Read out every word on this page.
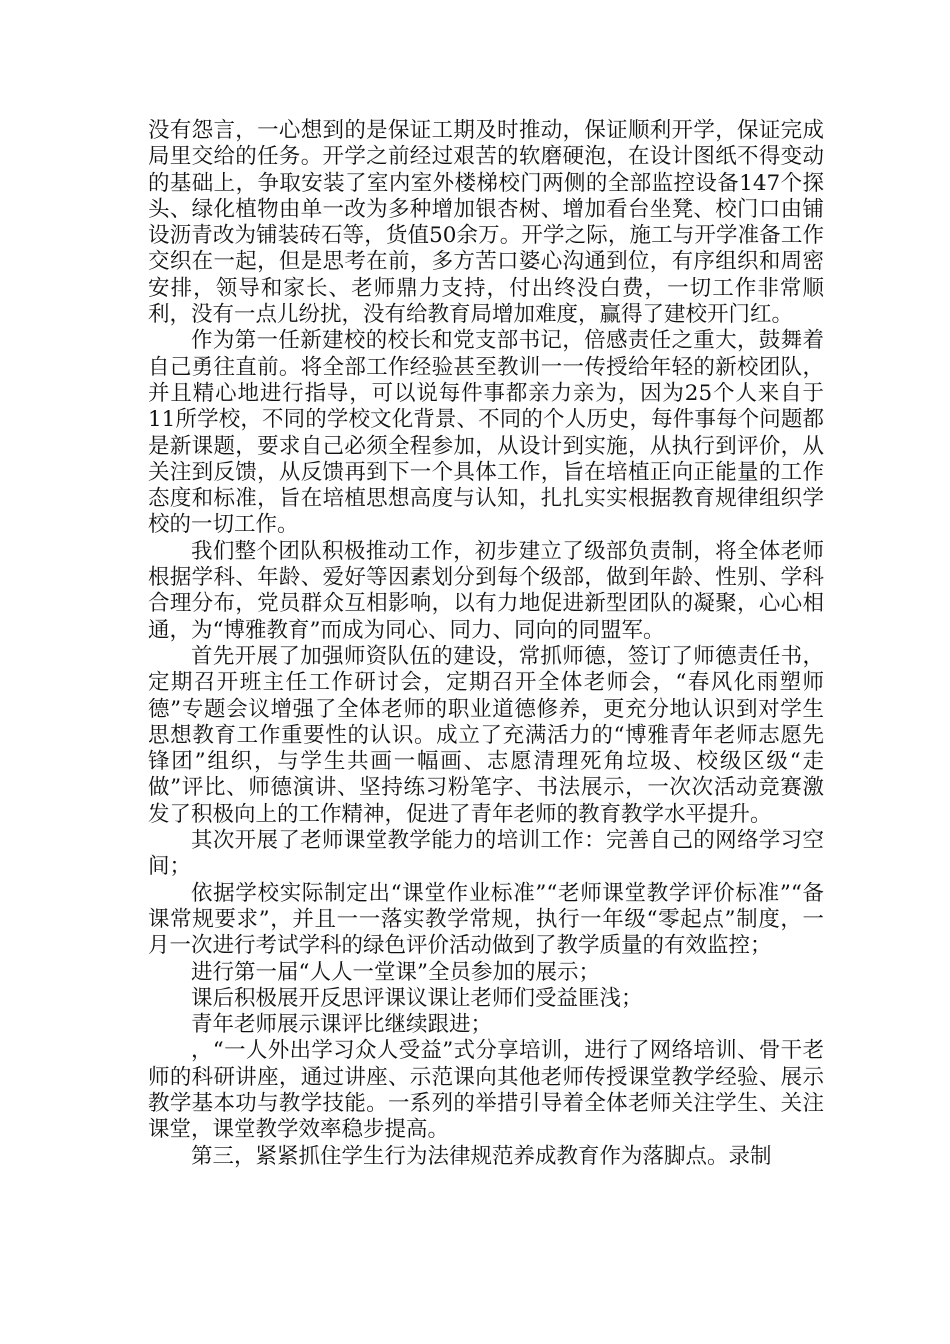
没有怨言，一心想到的是保证工期及时推动，保证顺利开学，保证完成局里交给的任务。开学之前经过艰苦的软磨硬泡，在设计图纸不得变动的基础上，争取安装了室内室外楼梯校门两侧的全部监控设备147个探头、绿化植物由单一改为多种增加银杏树、增加看台坐凳、校门口由铺设沥青改为铺装砖石等，货值50余万。开学之际，施工与开学准备工作交织在一起，但是思考在前，多方苦口婆心沟通到位，有序组织和周密安排，领导和家长、老师鼎力支持，付出终没白费，一切工作非常顺利，没有一点儿纷扰，没有给教育局增加难度，赢得了建校开门红。

作为第一任新建校的校长和党支部书记，倍感责任之重大，鼓舞着自己勇往直前。将全部工作经验甚至教训一一传授给年轻的新校团队，并且精心地进行指导，可以说每件事都亲力亲为，因为25个人来自于11所学校，不同的学校文化背景、不同的个人历史，每件事每个问题都是新课题，要求自己必须全程参加，从设计到实施，从执行到评价，从关注到反馈，从反馈再到下一个具体工作，旨在培植正向正能量的工作态度和标准，旨在培植思想高度与认知，扎扎实实根据教育规律组织学校的一切工作。

我们整个团队积极推动工作，初步建立了级部负责制，将全体老师根据学科、年龄、爱好等因素划分到每个级部，做到年龄、性别、学科合理分布，党员群众互相影响，以有力地促进新型团队的凝聚，心心相通，为“博雅教育”而成为同心、同力、同向的同盟军。

首先开展了加强师资队伍的建设，常抓师德，签订了师德责任书，定期召开班主任工作研讨会，定期召开全体老师会，“春风化雨塑师德”专题会议增强了全体老师的职业道德修养，更充分地认识到对学生思想教育工作重要性的认识。成立了充满活力的“博雅青年老师志愿先锋团”组织，与学生共画一幅画、志愿清理死角垃圾、校级区级“走做”评比、师德演讲、坚持练习粉笔字、书法展示，一次次活动竞赛激发了积极向上的工作精神，促进了青年老师的教育教学水平提升。

其次开展了老师课堂教学能力的培训工作：完善自己的网络学习空间；

依据学校实际制定出“课堂作业标准”“老师课堂教学评价标准”“备课常规要求”，并且一一落实教学常规，执行一年级“零起点”制度，一月一次进行考试学科的绿色评价活动做到了教学质量的有效监控；

进行第一届“人人一堂课”全员参加的展示；

课后积极展开反思评课议课让老师们受益匪浅；

青年老师展示课评比继续跟进；

，“一人外出学习众人受益”式分享培训，进行了网络培训、骨干老师的科研讲座，通过讲座、示范课向其他老师传授课堂教学经验、展示教学基本功与教学技能。一系列的举措引导着全体老师关注学生、关注课堂，课堂教学效率稳步提高。

第三，紧紧抓住学生行为法律规范养成教育作为落脚点。录制
